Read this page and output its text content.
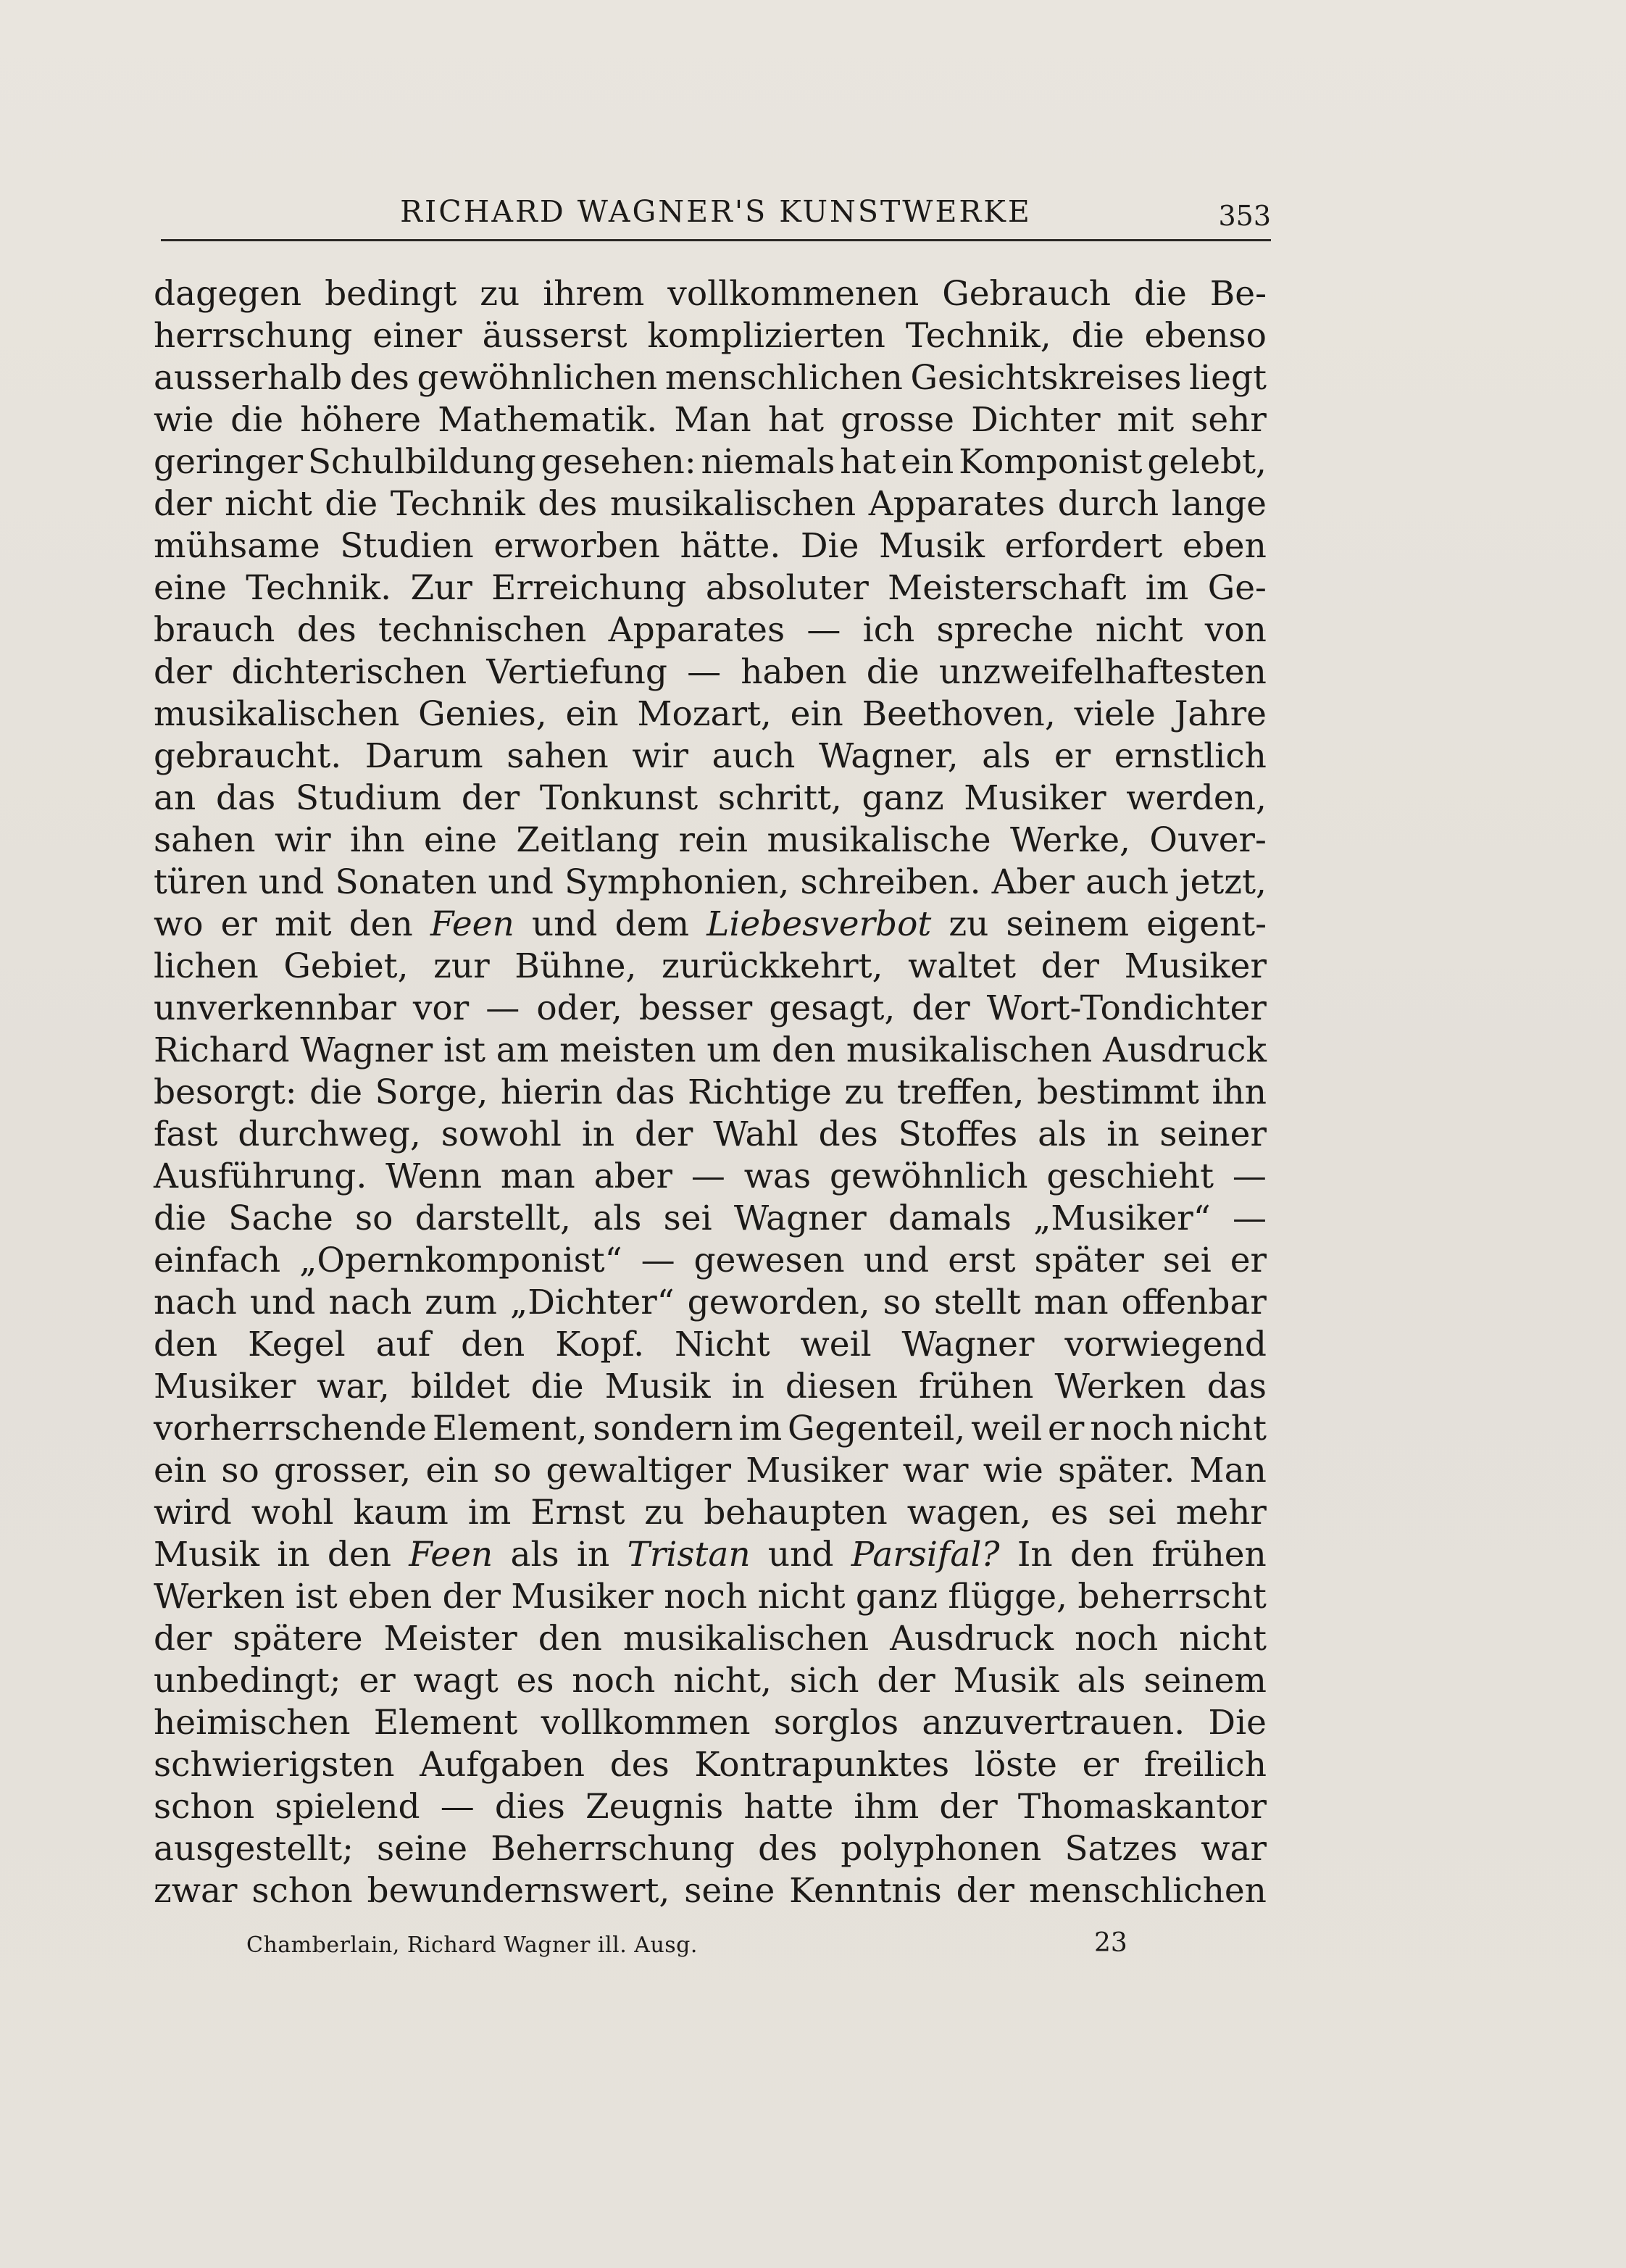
RICHARD WAGNER'S KUNSTWERKE	353
dagegen bedingt zu ihrem vollkommenen Gebrauch die Be-
herrschung einer äusserst komplizierten Technik, die ebenso
ausserhalb des gewöhnlichen menschlichen Gesichtskreises liegt
wie die höhere Mathematik. Man hat grosse Dichter mit sehr
geringer Schulbildung gesehen: niemals hat ein Komponist gelebt,
der nicht die Technik des musikalischen Apparates durch lange
mühsame Studien erworben hätte. Die Musik erfordert eben
eine Technik. Zur Erreichung absoluter Meisterschaft im Ge-
brauch des technischen Apparates — ich spreche nicht von
der dichterischen Vertiefung — haben die unzweifelhaftesten
musikalischen Genies, ein Mozart, ein Beethoven, viele Jahre
gebraucht. Darum sahen wir auch Wagner, als er ernstlich
an das Studium der Tonkunst schritt, ganz Musiker werden,
sahen wir ihn eine Zeitlang rein musikalische Werke, Ouver-
türen und Sonaten und Symphonien, schreiben. Aber auch jetzt,
wo er mit den Feen und dem Liebesverbot zu seinem eigent-
lichen Gebiet, zur Bühne, zurückkehrt, waltet der Musiker
unverkennbar vor — oder, besser gesagt, der Wort-Tondichter
Richard Wagner ist am meisten um den musikalischen Ausdruck
besorgt: die Sorge, hierin das Richtige zu treffen, bestimmt ihn
fast durchweg, sowohl in der Wahl des Stoffes als in seiner
Ausführung. Wenn man aber — was gewöhnlich geschieht —
die Sache so darstellt, als sei Wagner damals „Musiker“ —
einfach „Opernkomponist“ — gewesen und erst später sei er
nach und nach zum „Dichter“ geworden, so stellt man offenbar
den Kegel auf den Kopf. Nicht weil Wagner vorwiegend
Musiker war, bildet die Musik in diesen frühen Werken das
vorherrschende Element, sondern im Gegenteil, weil er noch nicht
ein so grosser, ein so gewaltiger Musiker war wie später. Man
wird wohl kaum im Ernst zu behaupten wagen, es sei mehr
Musik in den Feen als in Tristan und Parsifal? In den frühen
Werken ist eben der Musiker noch nicht ganz flügge, beherrscht
der spätere Meister den musikalischen Ausdruck noch nicht
unbedingt; er wagt es noch nicht, sich der Musik als seinem
heimischen Element vollkommen sorglos anzuvertrauen. Die
schwierigsten Aufgaben des Kontrapunktes löste er freilich
schon spielend — dies Zeugnis hatte ihm der Thomaskantor
ausgestellt; seine Beherrschung des polyphonen Satzes war
zwar schon bewundernswert, seine Kenntnis der menschlichen
Chamberlain, Richard Wagner ill. Ausg.	23
